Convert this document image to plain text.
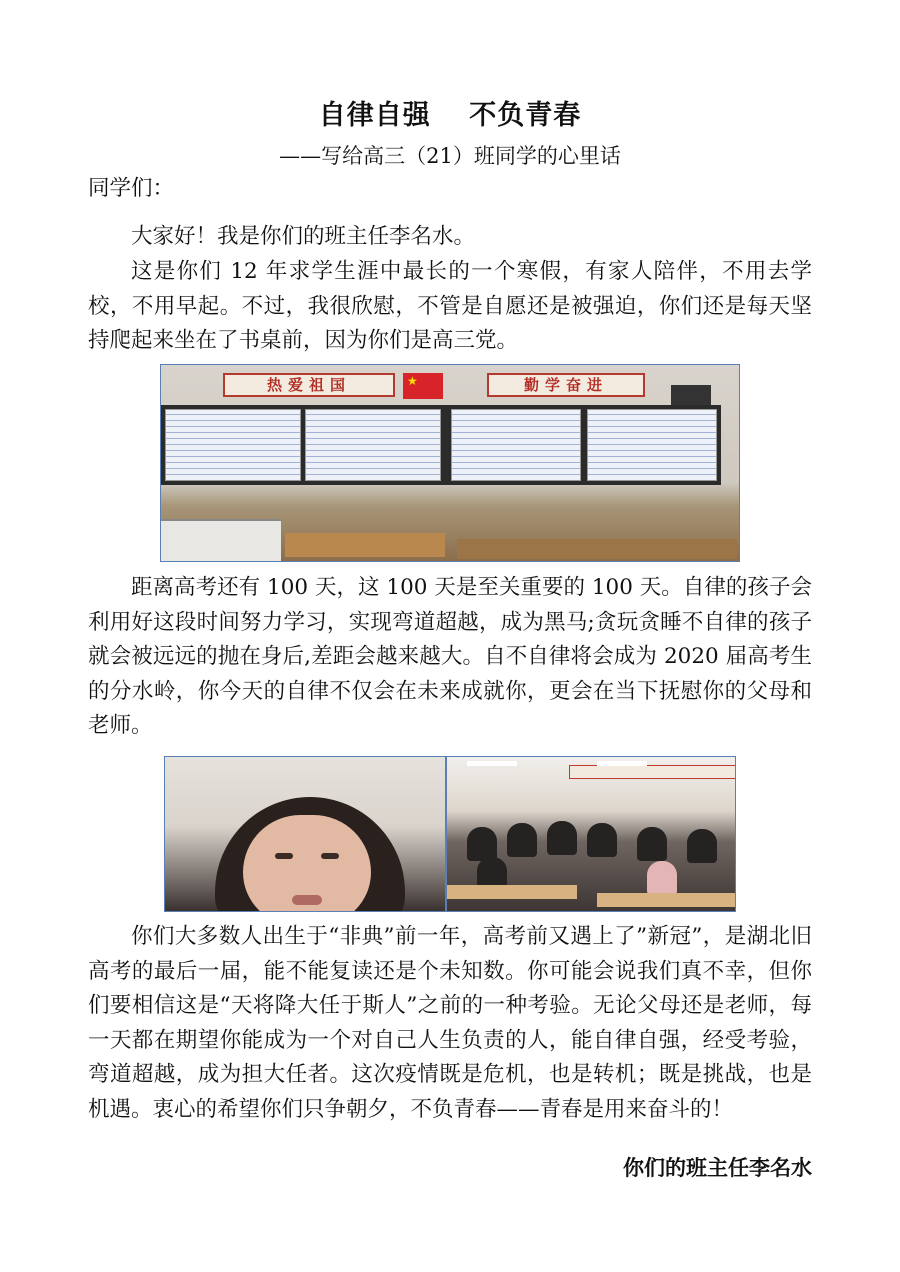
自律自强　 不负青春
——写给高三（21）班同学的心里话

同学们：

大家好！我是你们的班主任李名水。

这是你们 12 年求学生涯中最长的一个寒假，有家人陪伴，不用去学校，不用早起。不过，我很欣慰，不管是自愿还是被强迫，你们还是每天坚持爬起来坐在了书桌前，因为你们是高三党。

热爱祖国	★	勤学奋进

距离高考还有 100 天，这 100 天是至关重要的 100 天。自律的孩子会利用好这段时间努力学习，实现弯道超越，成为黑马;贪玩贪睡不自律的孩子就会被远远的抛在身后,差距会越来越大。自不自律将会成为 2020 届高考生的分水岭，你今天的自律不仅会在未来成就你，更会在当下抚慰你的父母和老师。

你们大多数人出生于“非典”前一年，高考前又遇上了”新冠”，是湖北旧高考的最后一届，能不能复读还是个未知数。你可能会说我们真不幸，但你们要相信这是“天将降大任于斯人”之前的一种考验。无论父母还是老师，每一天都在期望你能成为一个对自己人生负责的人，能自律自强，经受考验，弯道超越，成为担大任者。这次疫情既是危机，也是转机；既是挑战，也是机遇。衷心的希望你们只争朝夕，不负青春——青春是用来奋斗的！

你们的班主任李名水
